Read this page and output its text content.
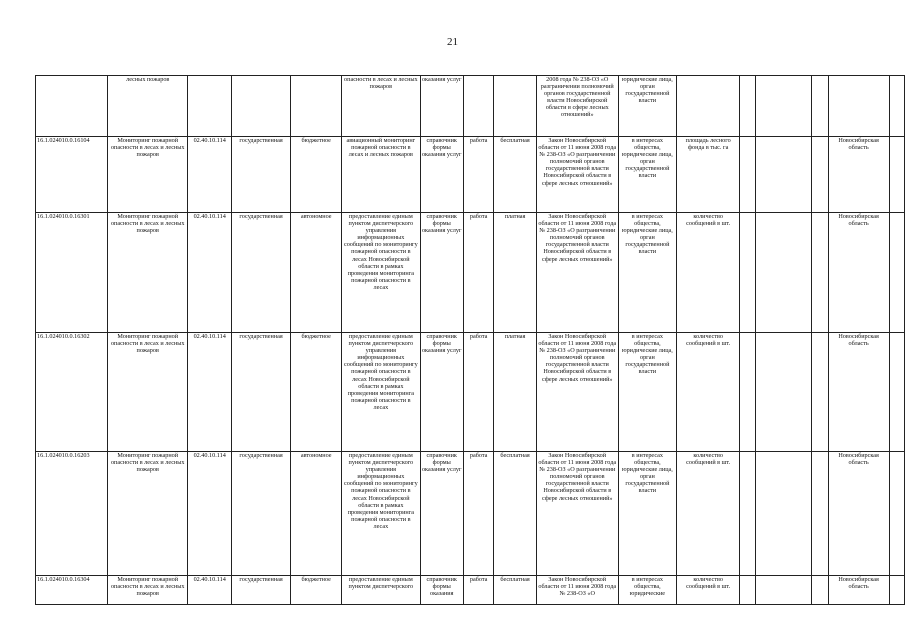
21
	лесных пожаров				опасности в лесах и лесных пожаров	оказания услуг			2008 года № 238-ОЗ «О разграничении полномочий органов государственной власти Новосибирской области в сфере лесных отношений»	юридические лица, орган государственной власти						
16.1.024010.0.16104	Мониторинг пожарной опасности в лесах и лесных пожаров	02.40.10.114	государственная	бюджетное	авиационный мониторинг пожарной опасности в лесах и лесных пожаров	справочник формы оказания услуг	работа	бесплатная	Закон Новосибирской области от 11 июня 2008 года № 238-ОЗ «О разграничении полномочий органов государственной власти Новосибирской области в сфере лесных отношений»	в интересах общества, юридические лица, орган государственной власти	площадь лесного фонда в тыс. га				Новосибирская область	
16.1.024010.0.16301	Мониторинг пожарной опасности в лесах и лесных пожаров	02.40.10.114	государственная	автономное	предоставление единым пунктом диспетчерского управления информационных сообщений по мониторингу пожарной опасности в лесах Новосибирской области в рамках проведения мониторинга пожарной опасности в лесах	справочник формы оказания услуг	работа	платная	Закон Новосибирской области от 11 июня 2008 года № 238-ОЗ «О разграничении полномочий органов государственной власти Новосибирской области в сфере лесных отношений»	в интересах общества, юридические лица, орган государственной власти	количество сообщений в шт.				Новосибирская область	
16.1.024010.0.16302	Мониторинг пожарной опасности в лесах и лесных пожаров	02.40.10.114	государственная	бюджетное	предоставление единым пунктом диспетчерского управления информационных сообщений по мониторингу пожарной опасности в лесах Новосибирской области в рамках проведения мониторинга пожарной опасности в лесах	справочник формы оказания услуг	работа	платная	Закон Новосибирской области от 11 июня 2008 года № 238-ОЗ «О разграничении полномочий органов государственной власти Новосибирской области в сфере лесных отношений»	в интересах общества, юридические лица, орган государственной власти	количество сообщений в шт.				Новосибирская область	
16.1.024010.0.16203	Мониторинг пожарной опасности в лесах и лесных пожаров	02.40.10.114	государственная	автономное	предоставление единым пунктом диспетчерского управления информационных сообщений по мониторингу пожарной опасности в лесах Новосибирской области в рамках проведения мониторинга пожарной опасности в лесах	справочник формы оказания услуг	работа	бесплатная	Закон Новосибирской области от 11 июня 2008 года № 238-ОЗ «О разграничении полномочий органов государственной власти Новосибирской области в сфере лесных отношений»	в интересах общества, юридические лица, орган государственной власти	количество сообщений в шт.				Новосибирская область	
16.1.024010.0.16304	Мониторинг пожарной опасности в лесах и лесных пожаров	02.40.10.114	государственная	бюджетное	предоставление единым пунктом диспетчерского	справочник формы оказания	работа	бесплатная	Закон Новосибирской области от 11 июня 2008 года № 238-ОЗ «О	в интересах общества, юридические	количество сообщений в шт.				Новосибирская область	
